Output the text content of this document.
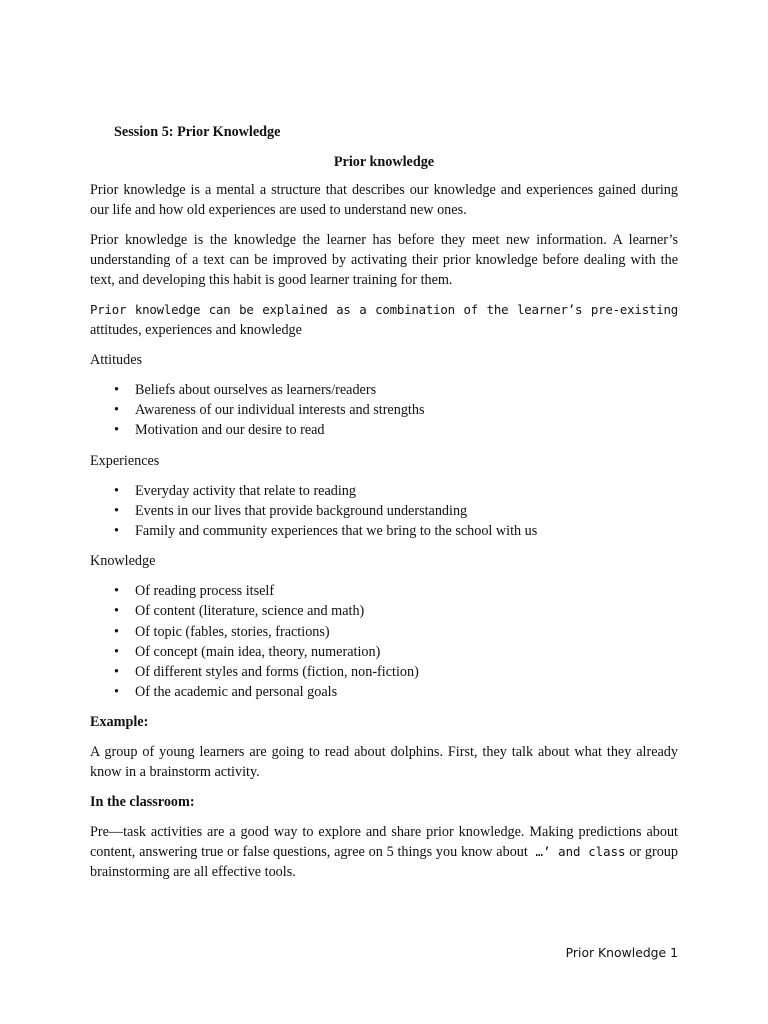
Session 5: Prior Knowledge

Prior knowledge

Prior knowledge is a mental a structure that describes our knowledge and experiences gained during our life and how old experiences are used to understand new ones.

Prior knowledge is the knowledge the learner has before they meet new information. A learner’s understanding of a text can be improved by activating their prior knowledge before dealing with the text, and developing this habit is good learner training for them.

Prior knowledge can be explained as a combination of the learner’s pre-existing attitudes, experiences and knowledge

Attitudes

• Beliefs about ourselves as learners/readers
• Awareness of our individual interests and strengths
• Motivation and our desire to read

Experiences

• Everyday activity that relate to reading
• Events in our lives that provide background understanding
• Family and community experiences that we bring to the school with us

Knowledge

• Of reading process itself
• Of content (literature, science and math)
• Of topic (fables, stories, fractions)
• Of concept (main idea, theory, numeration)
• Of different styles and forms (fiction, non-fiction)
• Of the academic and personal goals

Example:

A group of young learners are going to read about dolphins. First, they talk about what they already know in a brainstorm activity.

In the classroom:

Pre—task activities are a good way to explore and share prior knowledge. Making predictions about content, answering true or false questions, agree on 5 things you know about …’ and class or group brainstorming are all effective tools.

Prior Knowledge 1
